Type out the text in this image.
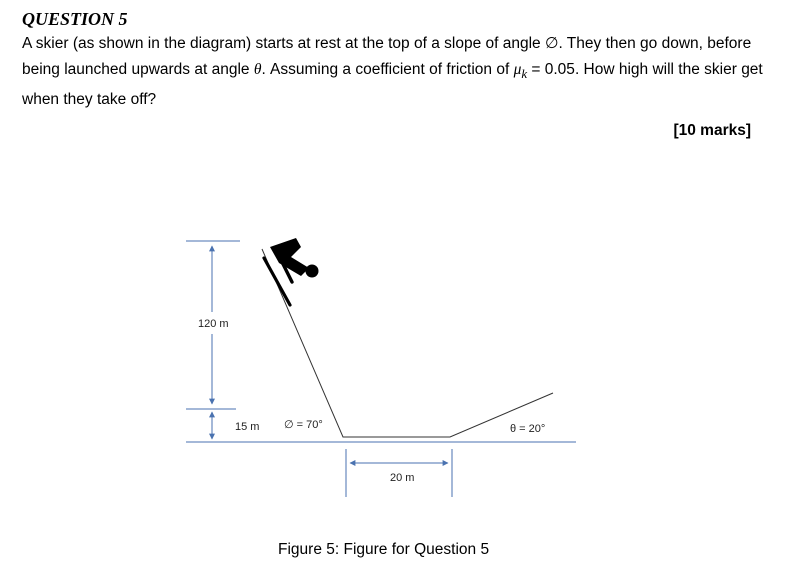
QUESTION 5
A skier (as shown in the diagram) starts at rest at the top of a slope of angle ∅. They then go down, before being launched upwards at angle θ. Assuming a coefficient of friction of $\mu_k = 0.05$. How high will the skier get when they take off?
[10 marks]
120 m
15 m ∅ = 70°	θ = 20°
20 m
Figure 5: Figure for Question 5
